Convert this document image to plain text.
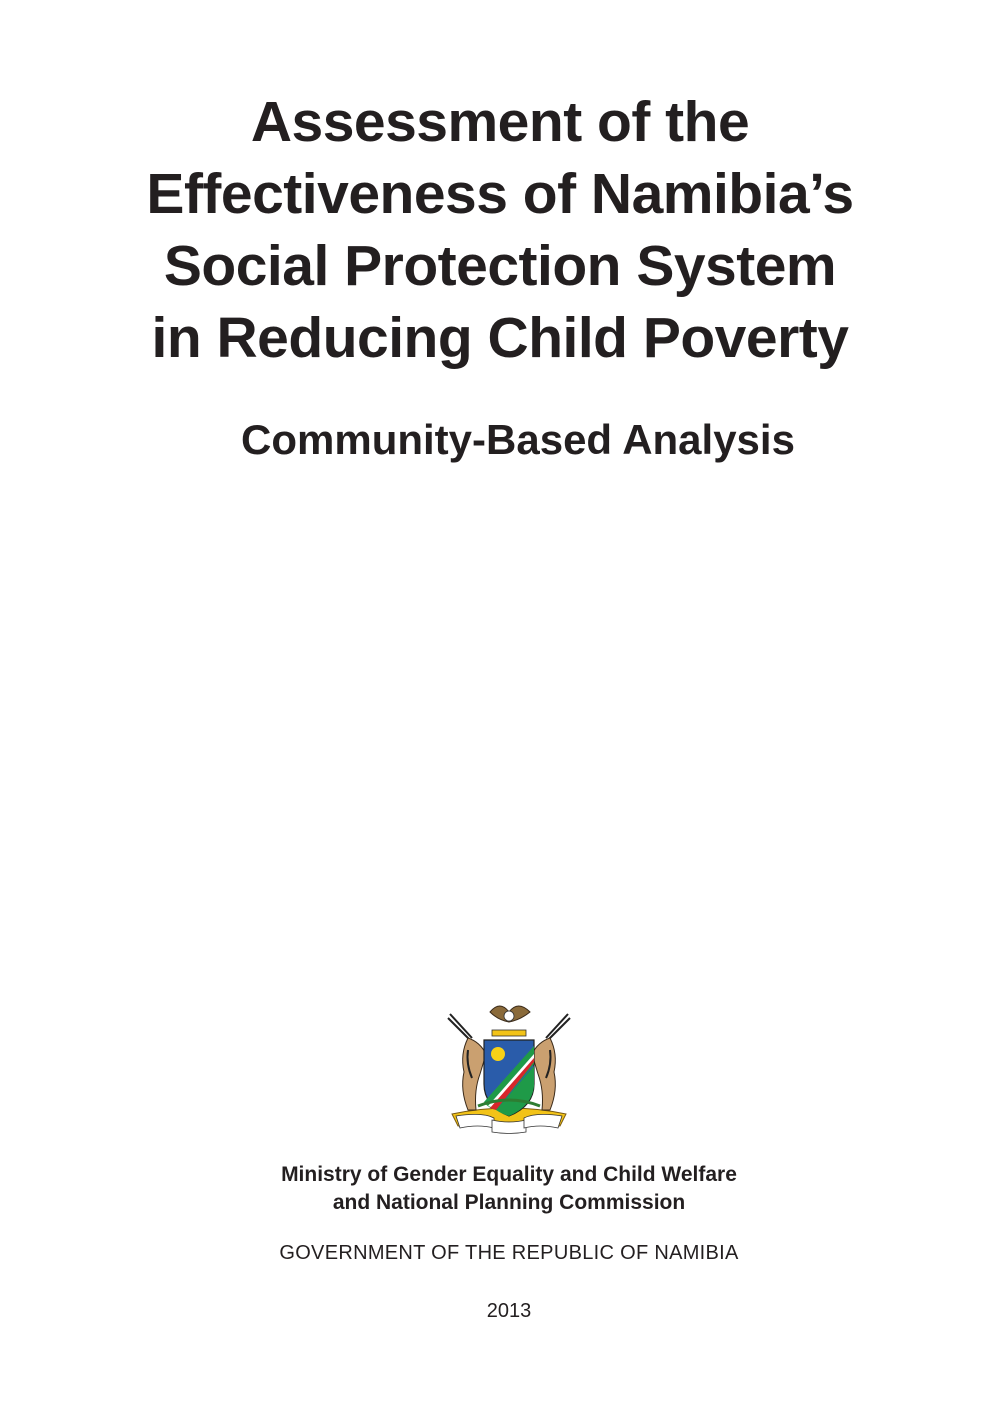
Assessment of the
Effectiveness of Namibia’s
Social Protection System
in Reducing Child Poverty
Community-Based Analysis
Ministry of Gender Equality and Child Welfare
and National Planning Commission
GOVERNMENT OF THE REPUBLIC OF NAMIBIA
2013
